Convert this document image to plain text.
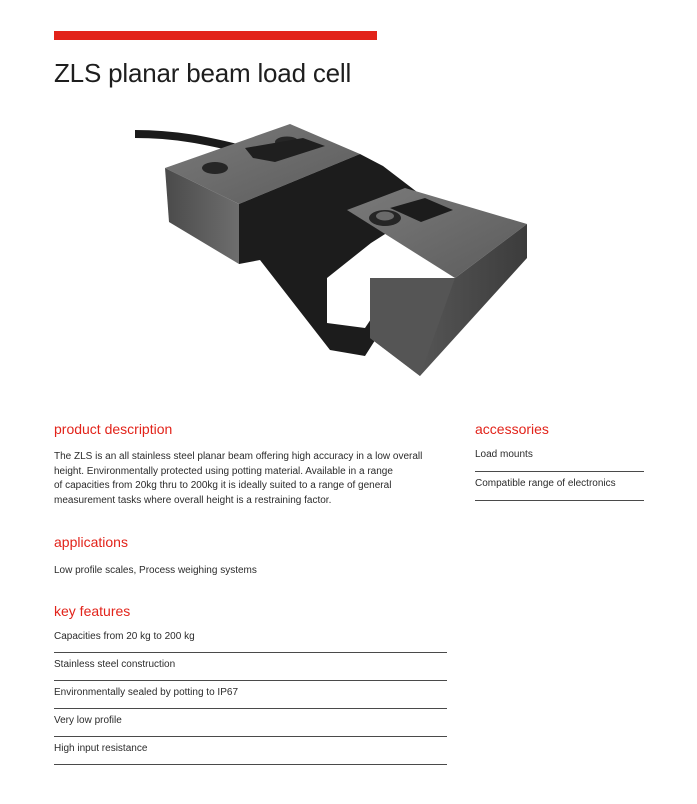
ZLS planar beam load cell
product description

The ZLS is an all stainless steel planar beam offering high accuracy in a low overall

height. Environmentally protected using potting material. Available in a range

of capacities from 20kg thru to 200kg it is ideally suited to a range of general

measurement tasks where overall height is a restraining factor.

applications

Low profile scales, Process weighing systems

key features
Capacities from 20 kg to 200 kg
Stainless steel construction
Environmentally sealed by potting to IP67
Very low profile
High input resistance
accessories
Load mounts
Compatible range of electronics
